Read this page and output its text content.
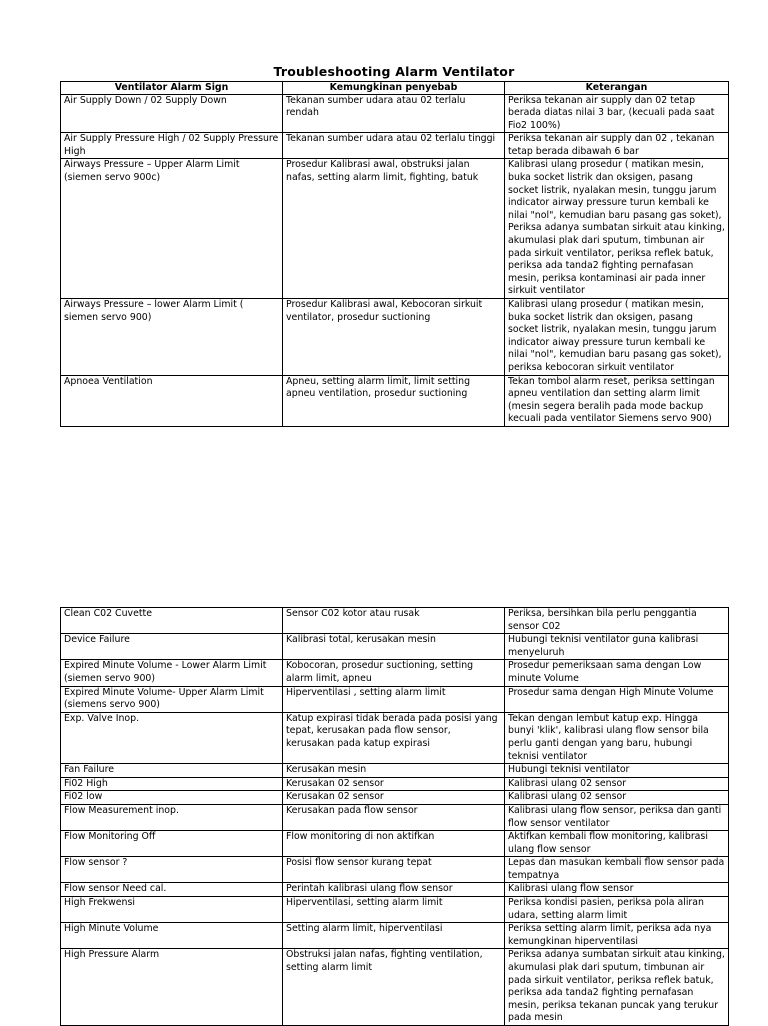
Troubleshooting Alarm Ventilator
Ventilator Alarm Sign	Kemungkinan penyebab	Keterangan
Air Supply Down / 02 Supply Down	Tekanan sumber udara atau 02 terlalu rendah	Periksa tekanan air supply dan 02 tetap berada diatas nilai 3 bar, (kecuali pada saat Fio2 100%)
Air Supply Pressure High / 02 Supply Pressure High	Tekanan sumber udara atau 02 terlalu tinggi	Periksa tekanan air supply dan 02 , tekanan tetap berada dibawah 6 bar
Airways Pressure – Upper Alarm Limit (siemen servo 900c)	Prosedur Kalibrasi awal, obstruksi jalan nafas, setting alarm limit, fighting, batuk	Kalibrasi ulang prosedur ( matikan mesin, buka socket listrik dan oksigen, pasang socket listrik, nyalakan mesin, tunggu jarum indicator airway pressure turun kembali ke nilai "nol", kemudian baru pasang gas soket), Periksa adanya sumbatan sirkuit atau kinking, akumulasi plak dari sputum, timbunan air pada sirkuit ventilator, periksa reflek batuk, periksa ada tanda2 fighting pernafasan mesin, periksa kontaminasi air pada inner sirkuit ventilator
Airways Pressure – lower Alarm Limit ( siemen servo 900)	Prosedur Kalibrasi awal, Kebocoran sirkuit ventilator, prosedur suctioning	Kalibrasi ulang prosedur ( matikan mesin, buka socket listrik dan oksigen, pasang socket listrik, nyalakan mesin, tunggu jarum indicator aiway pressure turun kembali ke nilai "nol", kemudian baru pasang gas soket), periksa kebocoran sirkuit ventilator
Apnoea Ventilation	Apneu, setting alarm limit, limit setting apneu ventilation, prosedur suctioning	Tekan tombol alarm reset, periksa settingan apneu ventilation dan setting alarm limit (mesin segera beralih pada mode backup kecuali pada ventilator Siemens servo 900)
Clean C02 Cuvette	Sensor C02 kotor atau rusak	Periksa, bersihkan bila perlu penggantia sensor C02
Device Failure	Kalibrasi total, kerusakan mesin	Hubungi teknisi ventilator guna kalibrasi menyeluruh
Expired Minute Volume - Lower Alarm Limit (siemen servo 900)	Kobocoran, prosedur suctioning, setting alarm limit, apneu	Prosedur pemeriksaan sama dengan Low minute Volume
Expired Minute Volume- Upper Alarm Limit (siemens servo 900)	Hiperventilasi , setting alarm limit	Prosedur sama dengan High Minute Volume
Exp. Valve Inop.	Katup expirasi tidak berada pada posisi yang tepat, kerusakan pada flow sensor, kerusakan pada katup expirasi	Tekan dengan lembut katup exp. Hingga bunyi 'klik', kalibrasi ulang flow sensor bila perlu ganti dengan yang baru, hubungi teknisi ventilator
Fan Failure	Kerusakan mesin	Hubungi teknisi ventilator
Fi02 High	Kerusakan 02 sensor	Kalibrasi ulang 02 sensor
Fi02 low	Kerusakan 02 sensor	Kalibrasi ulang 02 sensor
Flow Measurement inop.	Kerusakan pada flow sensor	Kalibrasi ulang flow sensor, periksa dan ganti flow sensor ventilator
Flow Monitoring Off	Flow monitoring di non aktifkan	Aktifkan kembali flow monitoring, kalibrasi ulang flow sensor
Flow sensor ?	Posisi flow sensor kurang tepat	Lepas dan masukan kembali flow sensor pada tempatnya
Flow sensor Need cal.	Perintah kalibrasi ulang flow sensor	Kalibrasi ulang flow sensor
High Frekwensi	Hiperventilasi, setting alarm limit	Periksa kondisi pasien, periksa pola aliran udara, setting alarm limit
High Minute Volume	Setting alarm limit, hiperventilasi	Periksa setting alarm limit, periksa ada nya kemungkinan hiperventilasi
High Pressure Alarm	Obstruksi jalan nafas, fighting ventilation, setting alarm limit	Periksa adanya sumbatan sirkuit atau kinking, akumulasi plak dari sputum, timbunan air pada sirkuit ventilator, periksa reflek batuk, periksa ada tanda2 fighting pernafasan mesin, periksa tekanan puncak yang terukur pada mesin
